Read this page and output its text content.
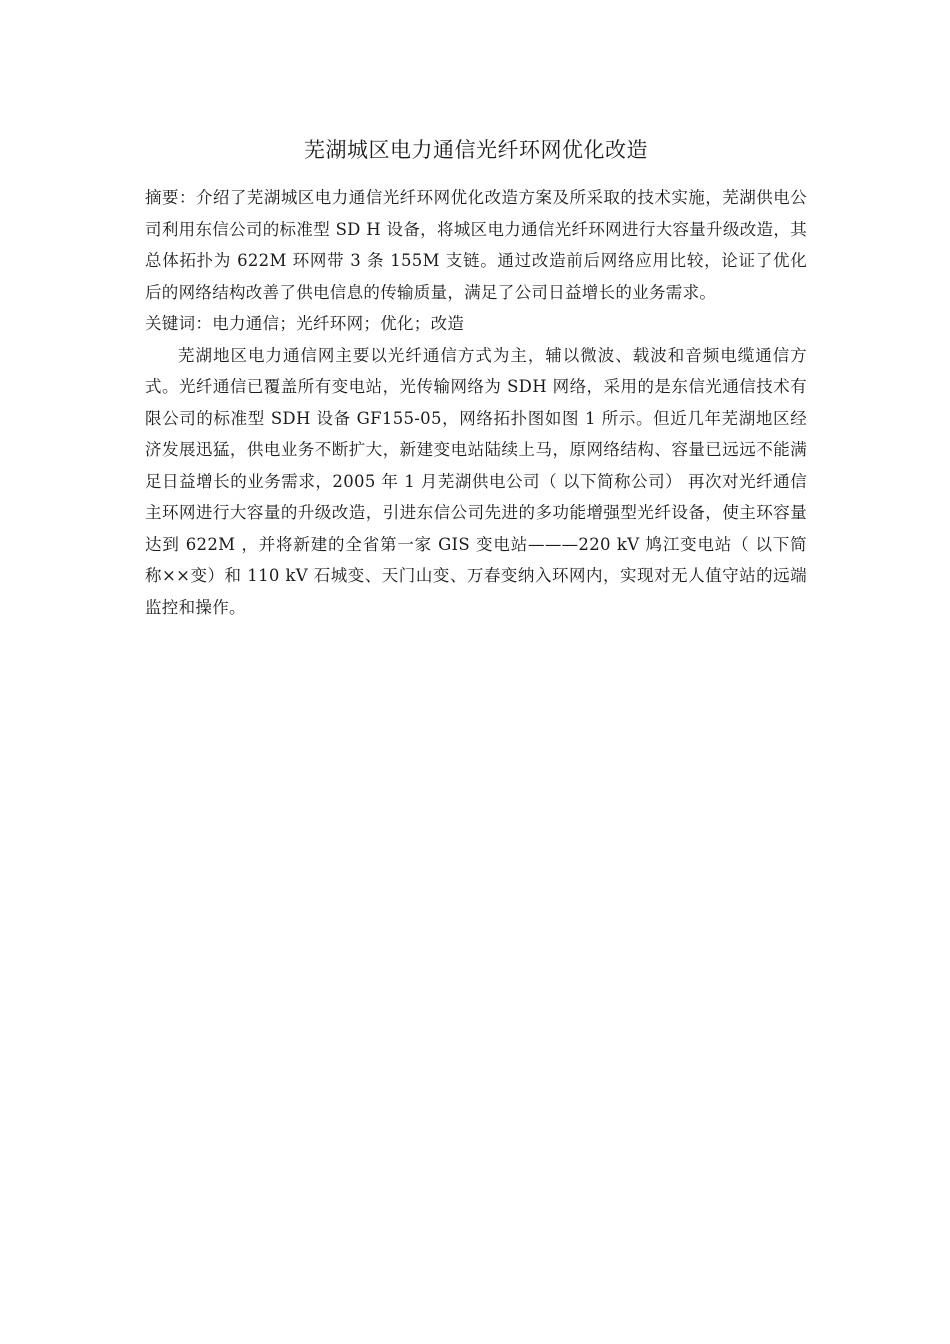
芜湖城区电力通信光纤环网优化改造

摘要：介绍了芜湖城区电力通信光纤环网优化改造方案及所采取的技术实施，芜湖供电公司利用东信公司的标准型 SD H 设备，将城区电力通信光纤环网进行大容量升级改造，其总体拓扑为 622M 环网带 3 条 155M 支链。通过改造前后网络应用比较，论证了优化后的网络结构改善了供电信息的传输质量，满足了公司日益增长的业务需求。

关键词：电力通信；光纤环网；优化；改造

芜湖地区电力通信网主要以光纤通信方式为主，辅以微波、载波和音频电缆通信方式。光纤通信已覆盖所有变电站，光传输网络为 SDH 网络，采用的是东信光通信技术有限公司的标准型 SDH 设备 GF155-05，网络拓扑图如图 1 所示。但近几年芜湖地区经济发展迅猛，供电业务不断扩大，新建变电站陆续上马，原网络结构、容量已远远不能满足日益增长的业务需求，2005 年 1 月芜湖供电公司（ 以下简称公司） 再次对光纤通信主环网进行大容量的升级改造，引进东信公司先进的多功能增强型光纤设备，使主环容量达到 622M ，并将新建的全省第一家 GIS 变电站———220 kV 鸠江变电站（ 以下简称××变）和 110 kV 石城变、天门山变、万春变纳入环网内，实现对无人值守站的远端监控和操作。
